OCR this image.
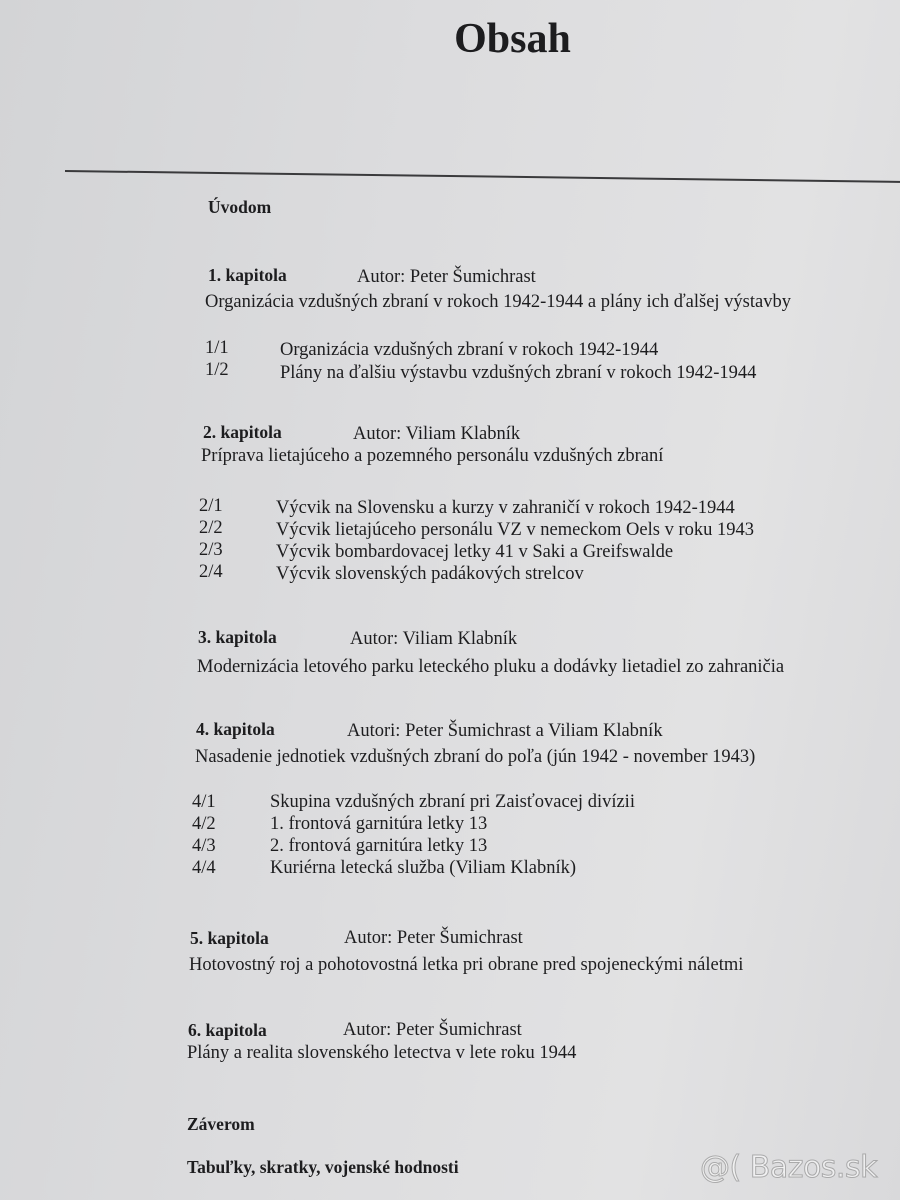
Obsah
Úvodom
1. kapitola	Autor: Peter Šumichrast
Organizácia vzdušných zbraní v rokoch 1942-1944 a plány ich ďalšej výstavby
1/1	Organizácia vzdušných zbraní v rokoch 1942-1944
1/2	Plány na ďalšiu výstavbu vzdušných zbraní v rokoch 1942-1944
2. kapitola	Autor: Viliam Klabník
Príprava lietajúceho a pozemného personálu vzdušných zbraní
2/1	Výcvik na Slovensku a kurzy v zahraničí v rokoch 1942-1944
2/2	Výcvik lietajúceho personálu VZ v nemeckom Oels v roku 1943
2/3	Výcvik bombardovacej letky 41 v Saki a Greifswalde
2/4	Výcvik slovenských padákových strelcov
3. kapitola	Autor: Viliam Klabník
Modernizácia letového parku leteckého pluku a dodávky lietadiel zo zahraničia
4. kapitola	Autori: Peter Šumichrast a Viliam Klabník
Nasadenie jednotiek vzdušných zbraní do poľa (jún 1942 - november 1943)
4/1	Skupina vzdušných zbraní pri Zaisťovacej divízii
4/2	1. frontová garnitúra letky 13
4/3	2. frontová garnitúra letky 13
4/4	Kuriérna letecká služba (Viliam Klabník)
5. kapitola	Autor: Peter Šumichrast
Hotovostný roj a pohotovostná letka pri obrane pred spojeneckými náletmi
6. kapitola	Autor: Peter Šumichrast
Plány a realita slovenského letectva v lete roku 1944
Záverom
Tabuľky, skratky, vojenské hodnosti	@( Bazos.sk
